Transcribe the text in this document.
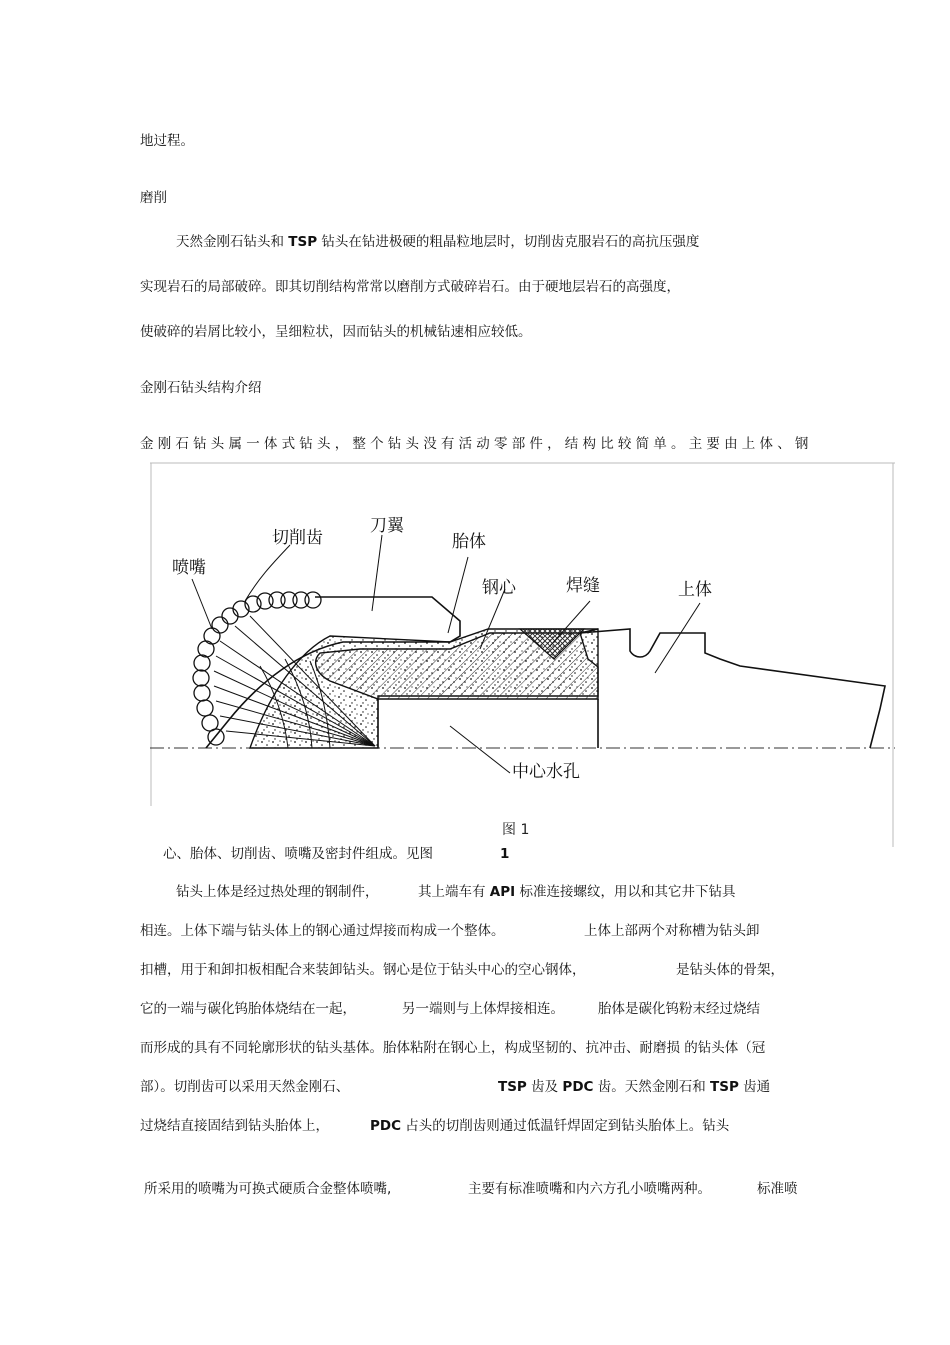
地过程。
磨削
天然金刚石钻头和 TSP 钻头在钻进极硬的粗晶粒地层时，切削齿克服岩石的高抗压强度
实现岩石的局部破碎。即其切削结构常常以磨削方式破碎岩石。由于硬地层岩石的高强度，
使破碎的岩屑比较小，呈细粒状，因而钻头的机械钻速相应较低。
金刚石钻头结构介绍
金刚石钻头属一体式钻头，整个钻头没有活动零部件，结构比较简单。主要由上体、钢
喷嘴
切削齿
刀翼
胎体
钢心	焊缝	上体
中心水孔
图 1
心、胎体、切削齿、喷嘴及密封件组成。见图	1
钻头上体是经过热处理的钢制件，	其上端车有 API 标准连接螺纹，用以和其它井下钻具
相连。上体下端与钻头体上的钢心通过焊接而构成一个整体。	上体上部两个对称槽为钻头卸
扣槽，用于和卸扣板相配合来装卸钻头。钢心是位于钻头中心的空心钢体，	是钻头体的骨架，
它的一端与碳化钨胎体烧结在一起，	另一端则与上体焊接相连。	胎体是碳化钨粉末经过烧结
而形成的具有不同轮廓形状的钻头基体。胎体粘附在钢心上，构成坚韧的、抗冲击、耐磨损 的钻头体（冠
部）。切削齿可以采用天然金刚石、	TSP 齿及 PDC 齿。天然金刚石和 TSP 齿通
过烧结直接固结到钻头胎体上，	PDC 占头的切削齿则通过低温钎焊固定到钻头胎体上。钻头
所采用的喷嘴为可换式硬质合金整体喷嘴,	主要有标准喷嘴和内六方孔小喷嘴两种。	标准喷
